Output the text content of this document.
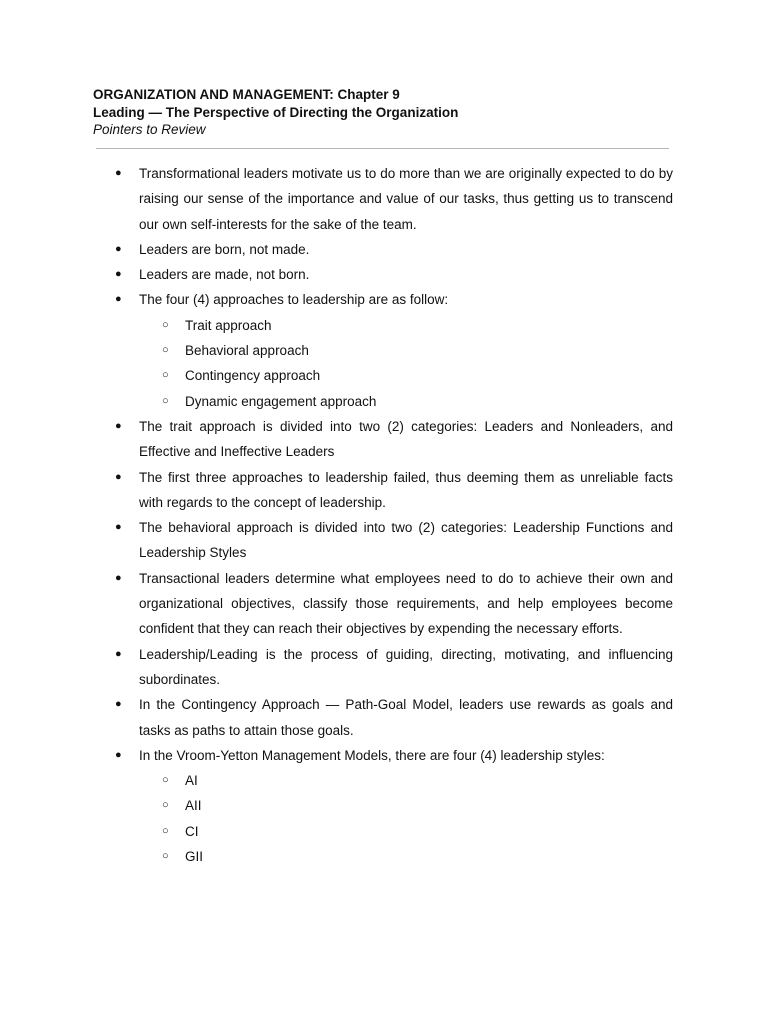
ORGANIZATION AND MANAGEMENT: Chapter 9
Leading — The Perspective of Directing the Organization
Pointers to Review
● Transformational leaders motivate us to do more than we are originally expected to do by raising our sense of the importance and value of our tasks, thus getting us to transcend our own self-interests for the sake of the team.
● Leaders are born, not made.
● Leaders are made, not born.
● The four (4) approaches to leadership are as follow:
○ Trait approach
○ Behavioral approach
○ Contingency approach
○ Dynamic engagement approach
● The trait approach is divided into two (2) categories: Leaders and Nonleaders, and Effective and Ineffective Leaders
● The first three approaches to leadership failed, thus deeming them as unreliable facts with regards to the concept of leadership.
● The behavioral approach is divided into two (2) categories: Leadership Functions and Leadership Styles
● Transactional leaders determine what employees need to do to achieve their own and organizational objectives, classify those requirements, and help employees become confident that they can reach their objectives by expending the necessary efforts.
● Leadership/Leading is the process of guiding, directing, motivating, and influencing subordinates.
● In the Contingency Approach — Path-Goal Model, leaders use rewards as goals and tasks as paths to attain those goals.
● In the Vroom-Yetton Management Models, there are four (4) leadership styles:
○ AI
○ AII
○ CI
○ GII
